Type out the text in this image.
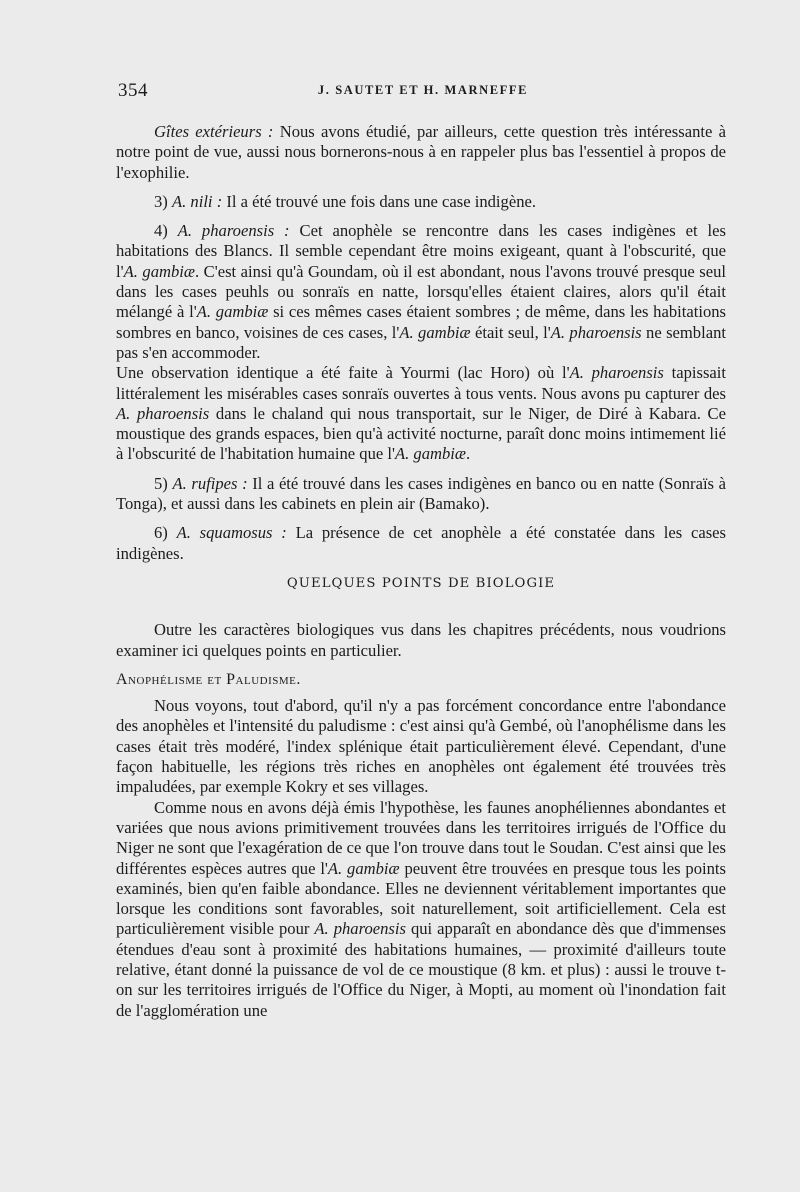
354	J. SAUTET ET H. MARNEFFE

Gîtes extérieurs : Nous avons étudié, par ailleurs, cette question très intéressante à notre point de vue, aussi nous bornerons-nous à en rappeler plus bas l'essentiel à propos de l'exophilie.

3) A. nili : Il a été trouvé une fois dans une case indigène.

4) A. pharoensis : Cet anophèle se rencontre dans les cases indigènes et les habitations des Blancs. Il semble cependant être moins exigeant, quant à l'obscurité, que l'A. gambiæ. C'est ainsi qu'à Goundam, où il est abondant, nous l'avons trouvé presque seul dans les cases peuhls ou sonraïs en natte, lorsqu'elles étaient claires, alors qu'il était mélangé à l'A. gambiæ si ces mêmes cases étaient sombres ; de même, dans les habitations sombres en banco, voisines de ces cases, l'A. gambiæ était seul, l'A. pharoensis ne semblant pas s'en accommoder.

Une observation identique a été faite à Yourmi (lac Horo) où l'A. pharoensis tapissait littéralement les misérables cases sonraïs ouvertes à tous vents. Nous avons pu capturer des A. pharoensis dans le chaland qui nous transportait, sur le Niger, de Diré à Kabara. Ce moustique des grands espaces, bien qu'à activité nocturne, paraît donc moins intimement lié à l'obscurité de l'habitation humaine que l'A. gambiæ.

5) A. rufipes : Il a été trouvé dans les cases indigènes en banco ou en natte (Sonraïs à Tonga), et aussi dans les cabinets en plein air (Bamako).

6) A. squamosus : La présence de cet anophèle a été constatée dans les cases indigènes.

QUELQUES POINTS DE BIOLOGIE

Outre les caractères biologiques vus dans les chapitres précédents, nous voudrions examiner ici quelques points en particulier.

Anophélisme et Paludisme.

Nous voyons, tout d'abord, qu'il n'y a pas forcément concordance entre l'abondance des anophèles et l'intensité du paludisme : c'est ainsi qu'à Gembé, où l'anophélisme dans les cases était très modéré, l'index splénique était particulièrement élevé. Cependant, d'une façon habituelle, les régions très riches en anophèles ont également été trouvées très impaludées, par exemple Kokry et ses villages.

Comme nous en avons déjà émis l'hypothèse, les faunes anophéliennes abondantes et variées que nous avions primitivement trouvées dans les territoires irrigués de l'Office du Niger ne sont que l'exagération de ce que l'on trouve dans tout le Soudan. C'est ainsi que les différentes espèces autres que l'A. gambiæ peuvent être trouvées en presque tous les points examinés, bien qu'en faible abondance. Elles ne deviennent véritablement importantes que lorsque les conditions sont favorables, soit naturellement, soit artificiellement. Cela est particulièrement visible pour A. pharoensis qui apparaît en abondance dès que d'immenses étendues d'eau sont à proximité des habitations humaines, — proximité d'ailleurs toute relative, étant donné la puissance de vol de ce moustique (8 km. et plus) : aussi le trouve t-on sur les territoires irrigués de l'Office du Niger, à Mopti, au moment où l'inondation fait de l'agglomération une
